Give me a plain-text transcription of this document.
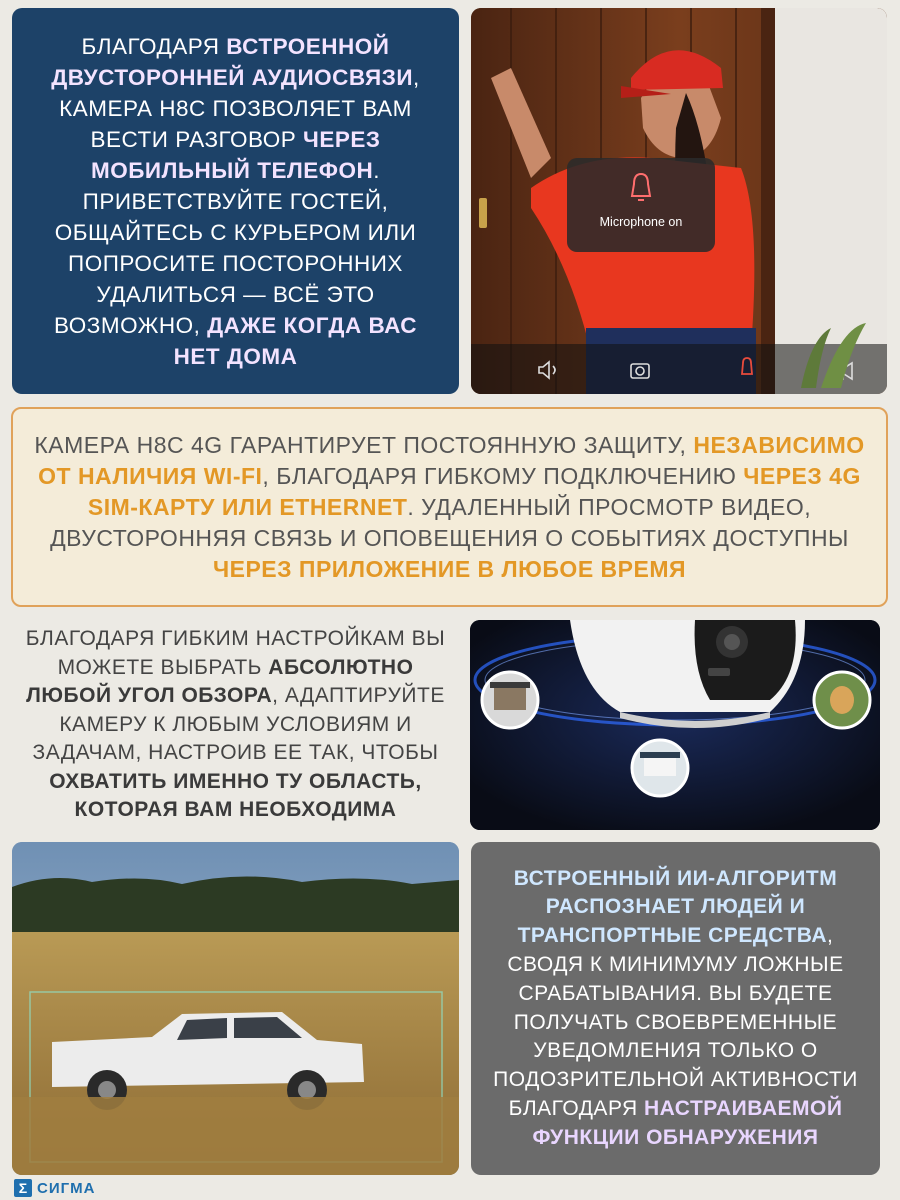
БЛАГОДАРЯ ВСТРОЕННОЙ ДВУСТОРОННЕЙ АУДИОСВЯЗИ, КАМЕРА H8C ПОЗВОЛЯЕТ ВАМ ВЕСТИ РАЗГОВОР ЧЕРЕЗ МОБИЛЬНЫЙ ТЕЛЕФОН. ПРИВЕТСТВУЙТЕ ГОСТЕЙ, ОБЩАЙТЕСЬ С КУРЬЕРОМ ИЛИ ПОПРОСИТЕ ПОСТОРОННИХ УДАЛИТЬСЯ — ВСЁ ЭТО ВОЗМОЖНО, ДАЖЕ КОГДА ВАС НЕТ ДОМА
Microphone on
КАМЕРА H8C 4G ГАРАНТИРУЕТ ПОСТОЯННУЮ ЗАЩИТУ, НЕЗАВИСИМО ОТ НАЛИЧИЯ WI-FI, БЛАГОДАРЯ ГИБКОМУ ПОДКЛЮЧЕНИЮ ЧЕРЕЗ 4G SIM-КАРТУ ИЛИ ETHERNET. УДАЛЕННЫЙ ПРОСМОТР ВИДЕО, ДВУСТОРОННЯЯ СВЯЗЬ И ОПОВЕЩЕНИЯ О СОБЫТИЯХ ДОСТУПНЫ ЧЕРЕЗ ПРИЛОЖЕНИЕ В ЛЮБОЕ ВРЕМЯ
БЛАГОДАРЯ ГИБКИМ НАСТРОЙКАМ ВЫ МОЖЕТЕ ВЫБРАТЬ АБСОЛЮТНО ЛЮБОЙ УГОЛ ОБЗОРА, АДАПТИРУЙТЕ КАМЕРУ К ЛЮБЫМ УСЛОВИЯМ И ЗАДАЧАМ, НАСТРОИВ ЕЕ ТАК, ЧТОБЫ ОХВАТИТЬ ИМЕННО ТУ ОБЛАСТЬ, КОТОРАЯ ВАМ НЕОБХОДИМА
ВСТРОЕННЫЙ ИИ-АЛГОРИТМ РАСПОЗНАЕТ ЛЮДЕЙ И ТРАНСПОРТНЫЕ СРЕДСТВА, СВОДЯ К МИНИМУМУ ЛОЖНЫЕ СРАБАТЫВАНИЯ. ВЫ БУДЕТЕ ПОЛУЧАТЬ СВОЕВРЕМЕННЫЕ УВЕДОМЛЕНИЯ ТОЛЬКО О ПОДОЗРИТЕЛЬНОЙ АКТИВНОСТИ БЛАГОДАРЯ НАСТРАИВАЕМОЙ ФУНКЦИИ ОБНАРУЖЕНИЯ
Σ СИГМА
